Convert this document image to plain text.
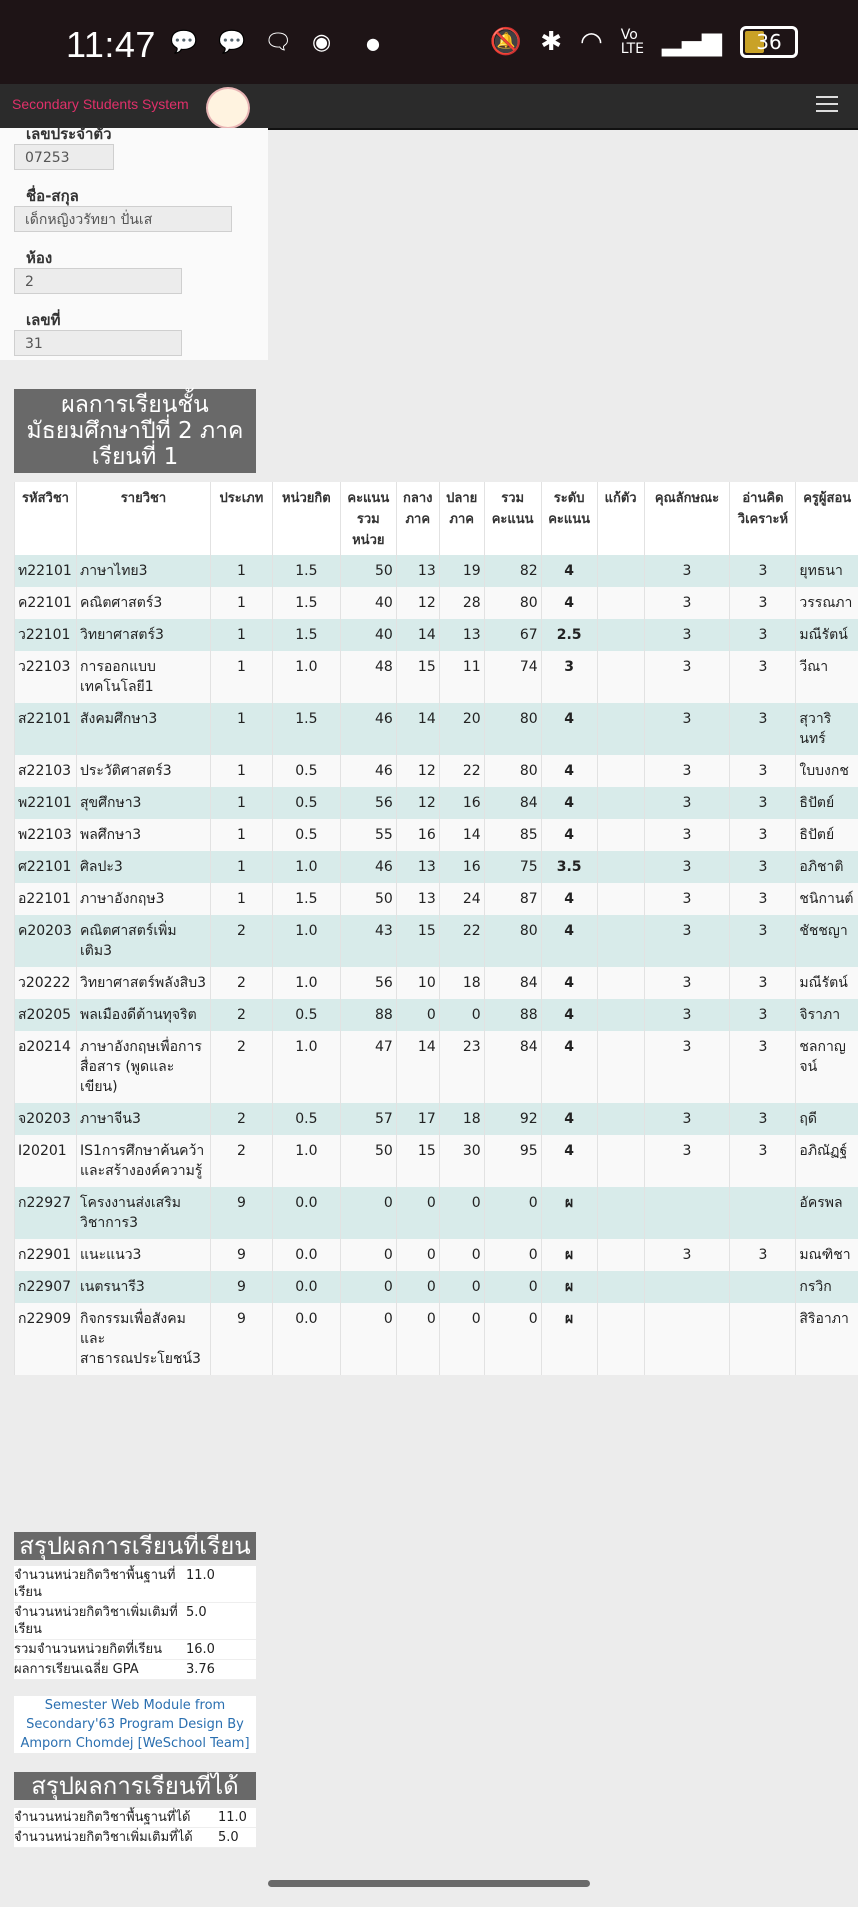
11:47 💬 💬 🗨 ◉ ●	🔕 ✱ ◠ Vo
LTE ▂▄▆	36
Secondary Students System
เลขประจำตัว
07253
ชื่อ-สกุล
เด็กหญิงวรัทยา ปั่นเส
ห้อง
2
เลขที่
31
ผลการเรียนชั้นมัธยมศึกษาปีที่ 2 ภาคเรียนที่ 1
รหัสวิชา	รายวิชา	ประเภท	หน่วยกิต	คะแนนรวมหน่วย	กลางภาค	ปลายภาค	รวมคะแนน	ระดับคะแนน	แก้ตัว	คุณลักษณะ	อ่านคิดวิเคราะห์	ครูผู้สอน
ท22101	ภาษาไทย3	1	1.5	50	13	19	82	4		3	3	ยุทธนา
ค22101	คณิตศาสตร์3	1	1.5	40	12	28	80	4		3	3	วรรณภา
ว22101	วิทยาศาสตร์3	1	1.5	40	14	13	67	2.5		3	3	มณีรัตน์
ว22103	การออกแบบเทคโนโลยี1	1	1.0	48	15	11	74	3		3	3	วีณา
ส22101	สังคมศึกษา3	1	1.5	46	14	20	80	4		3	3	สุวารินทร์
ส22103	ประวัติศาสตร์3	1	0.5	46	12	22	80	4		3	3	ใบบงกช
พ22101	สุขศึกษา3	1	0.5	56	12	16	84	4		3	3	ธิปัตย์
พ22103	พลศึกษา3	1	0.5	55	16	14	85	4		3	3	ธิปัตย์
ศ22101	ศิลปะ3	1	1.0	46	13	16	75	3.5		3	3	อภิชาติ
อ22101	ภาษาอังกฤษ3	1	1.5	50	13	24	87	4		3	3	ชนิกานต์
ค20203	คณิตศาสตร์เพิ่มเติม3	2	1.0	43	15	22	80	4		3	3	ชัชชญา
ว20222	วิทยาศาสตร์พลังสิบ3	2	1.0	56	10	18	84	4		3	3	มณีรัตน์
ส20205	พลเมืองดีต้านทุจริต	2	0.5	88	0	0	88	4		3	3	จิราภา
อ20214	ภาษาอังกฤษเพื่อการสื่อสาร (พูดและเขียน)	2	1.0	47	14	23	84	4		3	3	ชลกาญจน์
จ20203	ภาษาจีน3	2	0.5	57	17	18	92	4		3	3	ฤดี
I20201	IS1การศึกษาค้นคว้าและสร้างองค์ความรู้	2	1.0	50	15	30	95	4		3	3	อภิณัฏฐ์
ก22927	โครงงานส่งเสริมวิชาการ3	9	0.0	0	0	0	0	ผ				อัครพล
ก22901	แนะแนว3	9	0.0	0	0	0	0	ผ		3	3	มณฑิชา
ก22907	เนตรนารี3	9	0.0	0	0	0	0	ผ				กรวิก
ก22909	กิจกรรมเพื่อสังคมและสาธารณประโยชน์3	9	0.0	0	0	0	0	ผ				สิริอาภา
สรุปผลการเรียนที่เรียน
จำนวนหน่วยกิตวิชาพื้นฐานที่เรียน	11.0
จำนวนหน่วยกิตวิชาเพิ่มเติมที่เรียน	5.0
รวมจำนวนหน่วยกิตที่เรียน	16.0
ผลการเรียนเฉลี่ย GPA	3.76
Semester Web Module from Secondary'63 Program Design By Amporn Chomdej [WeSchool Team]
สรุปผลการเรียนที่ได้
จำนวนหน่วยกิตวิชาพื้นฐานที่ได้	11.0
จำนวนหน่วยกิตวิชาเพิ่มเติมที่ได้	5.0
